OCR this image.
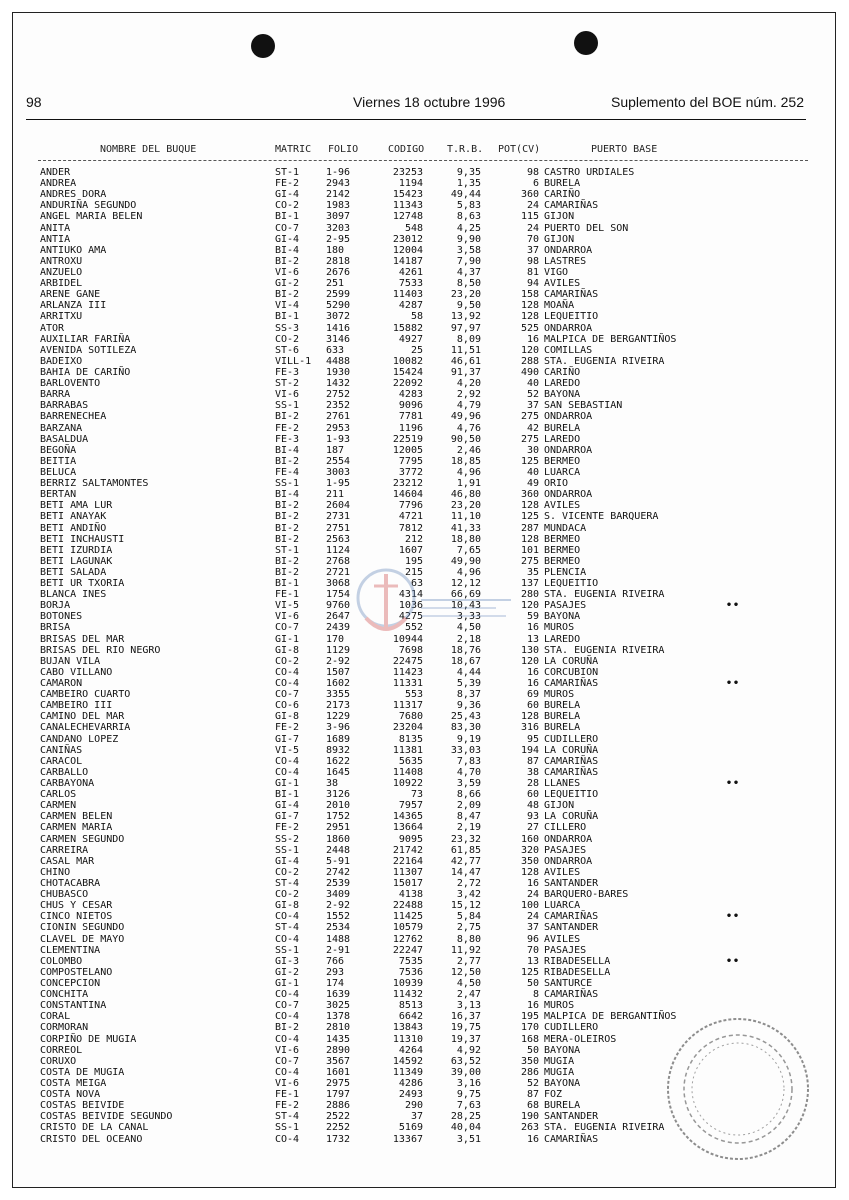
98	Viernes 18 octubre 1996	Suplemento del BOE núm. 252
NOMBRE DEL BUQUE	MATRIC FOLIO	CODIGO T.R.B. POT(CV)	PUERTO BASE
ANDER	ST-1	1-96	23253	9,35	98 CASTRO URDIALES
ANDREA	FE-2	2943	1194	1,35	6 BURELA
ANDRES DORA	GI-4	2142	15423	49,44	360 CARIÑO
ANDURIÑA SEGUNDO	CO-2	1983	11343	5,83	24 CAMARIÑAS
ANGEL MARIA BELEN	BI-1	3097	12748	8,63	115 GIJON
ANITA	CO-7	3203	548	4,25	24 PUERTO DEL SON
ANTIA	GI-4	2-95	23012	9,90	70 GIJON
ANTIUKO AMA	BI-4	180	12004	3,58	37 ONDARROA
ANTROXU	BI-2	2818	14187	7,90	98 LASTRES
ANZUELO	VI-6	2676	4261	4,37	81 VIGO
ARBIDEL	GI-2	251	7533	8,50	94 AVILES
ARENE GANE	BI-2	2599	11403	23,20	158 CAMARIÑAS
ARLANZA III	VI-4	5290	4287	9,50	128 MOAÑA
ARRITXU	BI-1	3072	58	13,92	128 LEQUEITIO
ATOR	SS-3	1416	15882	97,97	525 ONDARROA
AUXILIAR FARIÑA	CO-2	3146	4927	8,09	16 MALPICA DE BERGANTIÑOS
AVENIDA SOTILEZA	ST-6	633	25	11,51	120 COMILLAS
BADEIXO	VILL-1 4488	10082	46,61	288 STA. EUGENIA RIVEIRA
BAHIA DE CARIÑO	FE-3	1930	15424	91,37	490 CARIÑO
BARLOVENTO	ST-2	1432	22092	4,20	40 LAREDO
BARRA	VI-6	2752	4283	2,92	52 BAYONA
BARRABAS	SS-1	2352	9096	4,79	37 SAN SEBASTIAN
BARRENECHEA	BI-2	2761	7781	49,96	275 ONDARROA
BARZANA	FE-2	2953	1196	4,76	42 BURELA
BASALDUA	FE-3	1-93	22519	90,50	275 LAREDO
BEGOÑA	BI-4	187	12005	2,46	30 ONDARROA
BEITIA	BI-2	2554	7795	18,85	125 BERMEO
BELUCA	FE-4	3003	3772	4,96	40 LUARCA
BERRIZ SALTAMONTES	SS-1	1-95	23212	1,91	49 ORIO
BERTAN	BI-4	211	14604	46,80	360 ONDARROA
BETI AMA LUR	BI-2	2604	7796	23,20	128 AVILES
BETI ANAYAK	BI-2	2731	4721	11,10	125 S. VICENTE BARQUERA
BETI ANDIÑO	BI-2	2751	7812	41,33	287 MUNDACA
BETI INCHAUSTI	BI-2	2563	212	18,80	128 BERMEO
BETI IZURDIA	ST-1	1124	1607	7,65	101 BERMEO
BETI LAGUNAK	BI-2	2768	195	49,90	275 BERMEO
BETI SALADA	BI-2	2721	215	4,96	35 PLENCIA
BETI UR TXORIA	BI-1	3068	63	12,12	137 LEQUEITIO
BLANCA INES	FE-1	1754	4314	66,69	280 STA. EUGENIA RIVEIRA
BORJA	VI-5	9760	1036	10,43	120 PASAJES	••
BOTONES	VI-6	2647	4275	3,33	59 BAYONA
BRISA	CO-7	2439	552	4,50	16 MUROS
BRISAS DEL MAR	GI-1	170	10944	2,18	13 LAREDO
BRISAS DEL RIO NEGRO	GI-8	1129	7698	18,76	130 STA. EUGENIA RIVEIRA
BUJAN VILA	CO-2	2-92	22475	18,67	120 LA CORUÑA
CABO VILLANO	CO-4	1507	11423	4,44	16 CORCUBION
CAMARON	CO-4	1602	11331	5,39	16 CAMARIÑAS	••
CAMBEIRO CUARTO	CO-7	3355	553	8,37	69 MUROS
CAMBEIRO III	CO-6	2173	11317	9,36	60 BURELA
CAMINO DEL MAR	GI-8	1229	7680	25,43	128 BURELA
CANALECHEVARRIA	FE-2	3-96	23204	83,30	316 BURELA
CANDANO LOPEZ	GI-7	1689	8135	9,19	95 CUDILLERO
CANIÑAS	VI-5	8932	11381	33,03	194 LA CORUÑA
CARACOL	CO-4	1622	5635	7,83	87 CAMARIÑAS
CARBALLO	CO-4	1645	11408	4,70	38 CAMARIÑAS
CARBAYONA	GI-1	38	10922	3,59	28 LLANES	••
CARLOS	BI-1	3126	73	8,66	60 LEQUEITIO
CARMEN	GI-4	2010	7957	2,09	48 GIJON
CARMEN BELEN	GI-7	1752	14365	8,47	93 LA CORUÑA
CARMEN MARIA	FE-2	2951	13664	2,19	27 CILLERO
CARMEN SEGUNDO	SS-2	1860	9095	23,32	160 ONDARROA
CARREIRA	SS-1	2448	21742	61,85	320 PASAJES
CASAL MAR	GI-4	5-91	22164	42,77	350 ONDARROA
CHINO	CO-2	2742	11307	14,47	128 AVILES
CHOTACABRA	ST-4	2539	15017	2,72	16 SANTANDER
CHUBASCO	CO-2	3409	4138	3,42	24 BARQUERO-BARES
CHUS Y CESAR	GI-8	2-92	22488	15,12	100 LUARCA
CINCO NIETOS	CO-4	1552	11425	5,84	24 CAMARIÑAS	••
CIONIN SEGUNDO	ST-4	2534	10579	2,75	37 SANTANDER
CLAVEL DE MAYO	CO-4	1488	12762	8,80	96 AVILES
CLEMENTINA	SS-1	2-91	22247	11,92	70 PASAJES
COLOMBO	GI-3	766	7535	2,77	13 RIBADESELLA	••
COMPOSTELANO	GI-2	293	7536	12,50	125 RIBADESELLA
CONCEPCION	GI-1	174	10939	4,50	50 SANTURCE
CONCHITA	CO-4	1639	11432	2,47	8 CAMARIÑAS
CONSTANTINA	CO-7	3025	8513	3,13	16 MUROS
CORAL	CO-4	1378	6642	16,37	195 MALPICA DE BERGANTIÑOS
CORMORAN	BI-2	2810	13843	19,75	170 CUDILLERO
CORPIÑO DE MUGIA	CO-4	1435	11310	19,37	168 MERA-OLEIROS
CORREOL	VI-6	2890	4264	4,92	50 BAYONA
CORUXO	CO-7	3567	14592	63,52	350 MUGIA
COSTA DE MUGIA	CO-4	1601	11349	39,00	286 MUGIA
COSTA MEIGA	VI-6	2975	4286	3,16	52 BAYONA
COSTA NOVA	FE-1	1797	2493	9,75	87 FOZ
COSTAS BEIVIDE	FE-2	2886	290	7,63	68 BURELA
COSTAS BEIVIDE SEGUNDO	ST-4	2522	37	28,25	190 SANTANDER
CRISTO DE LA CANAL	SS-1	2252	5169	40,04	263 STA. EUGENIA RIVEIRA
CRISTO DEL OCEANO	CO-4	1732	13367	3,51	16 CAMARIÑAS
